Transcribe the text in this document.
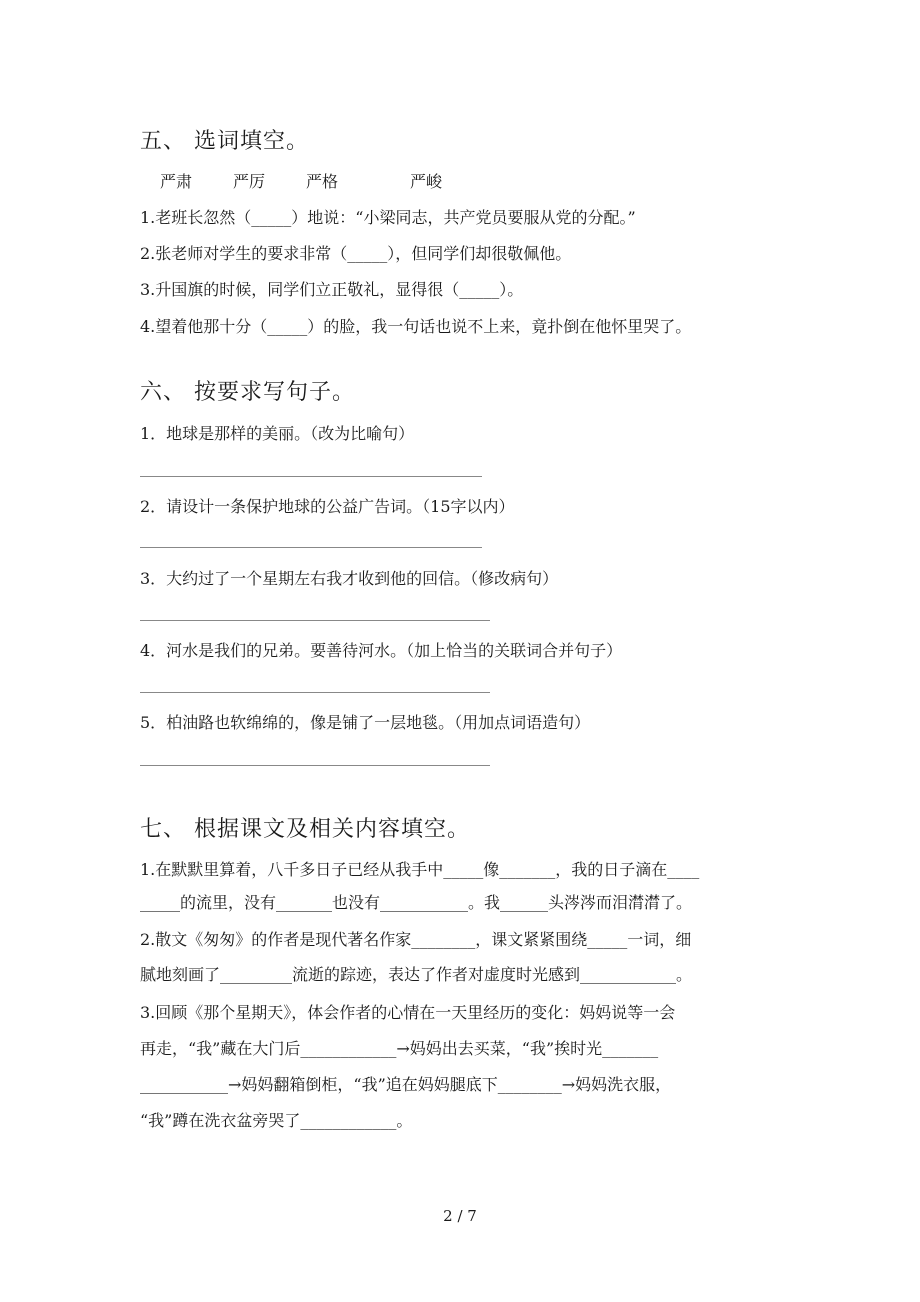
五、 选词填空。
严肃	严厉	严格	严峻
1.老班长忽然（_____）地说：“小梁同志，共产党员要服从党的分配。”
2.张老师对学生的要求非常（_____），但同学们却很敬佩他。
3.升国旗的时候，同学们立正敬礼，显得很（_____）。
4.望着他那十分（_____）的脸，我一句话也说不上来，竟扑倒在他怀里哭了。
六、 按要求写句子。
1．地球是那样的美丽。（改为比喻句）
2．请设计一条保护地球的公益广告词。（15字以内）
3．大约过了一个星期左右我才收到他的回信。（修改病句）
4．河水是我们的兄弟。要善待河水。（加上恰当的关联词合并句子）
5．柏油路也软绵绵的，像是铺了一层地毯。（用加点词语造句）
七、 根据课文及相关内容填空。
1.在默默里算着，八千多日子已经从我手中_____像_______，我的日子滴在____
_____的流里，没有_______也没有___________。我______头涔涔而泪潸潸了。
2.散文《匆匆》的作者是现代著名作家________，课文紧紧围绕_____一词，细
腻地刻画了_________流逝的踪迹，表达了作者对虚度时光感到____________。
3.回顾《那个星期天》，体会作者的心情在一天里经历的变化：妈妈说等一会
再走，“我”藏在大门后____________→妈妈出去买菜，“我”挨时光_______
___________→妈妈翻箱倒柜，“我”追在妈妈腿底下________→妈妈洗衣服，
“我”蹲在洗衣盆旁哭了____________。
2 / 7
